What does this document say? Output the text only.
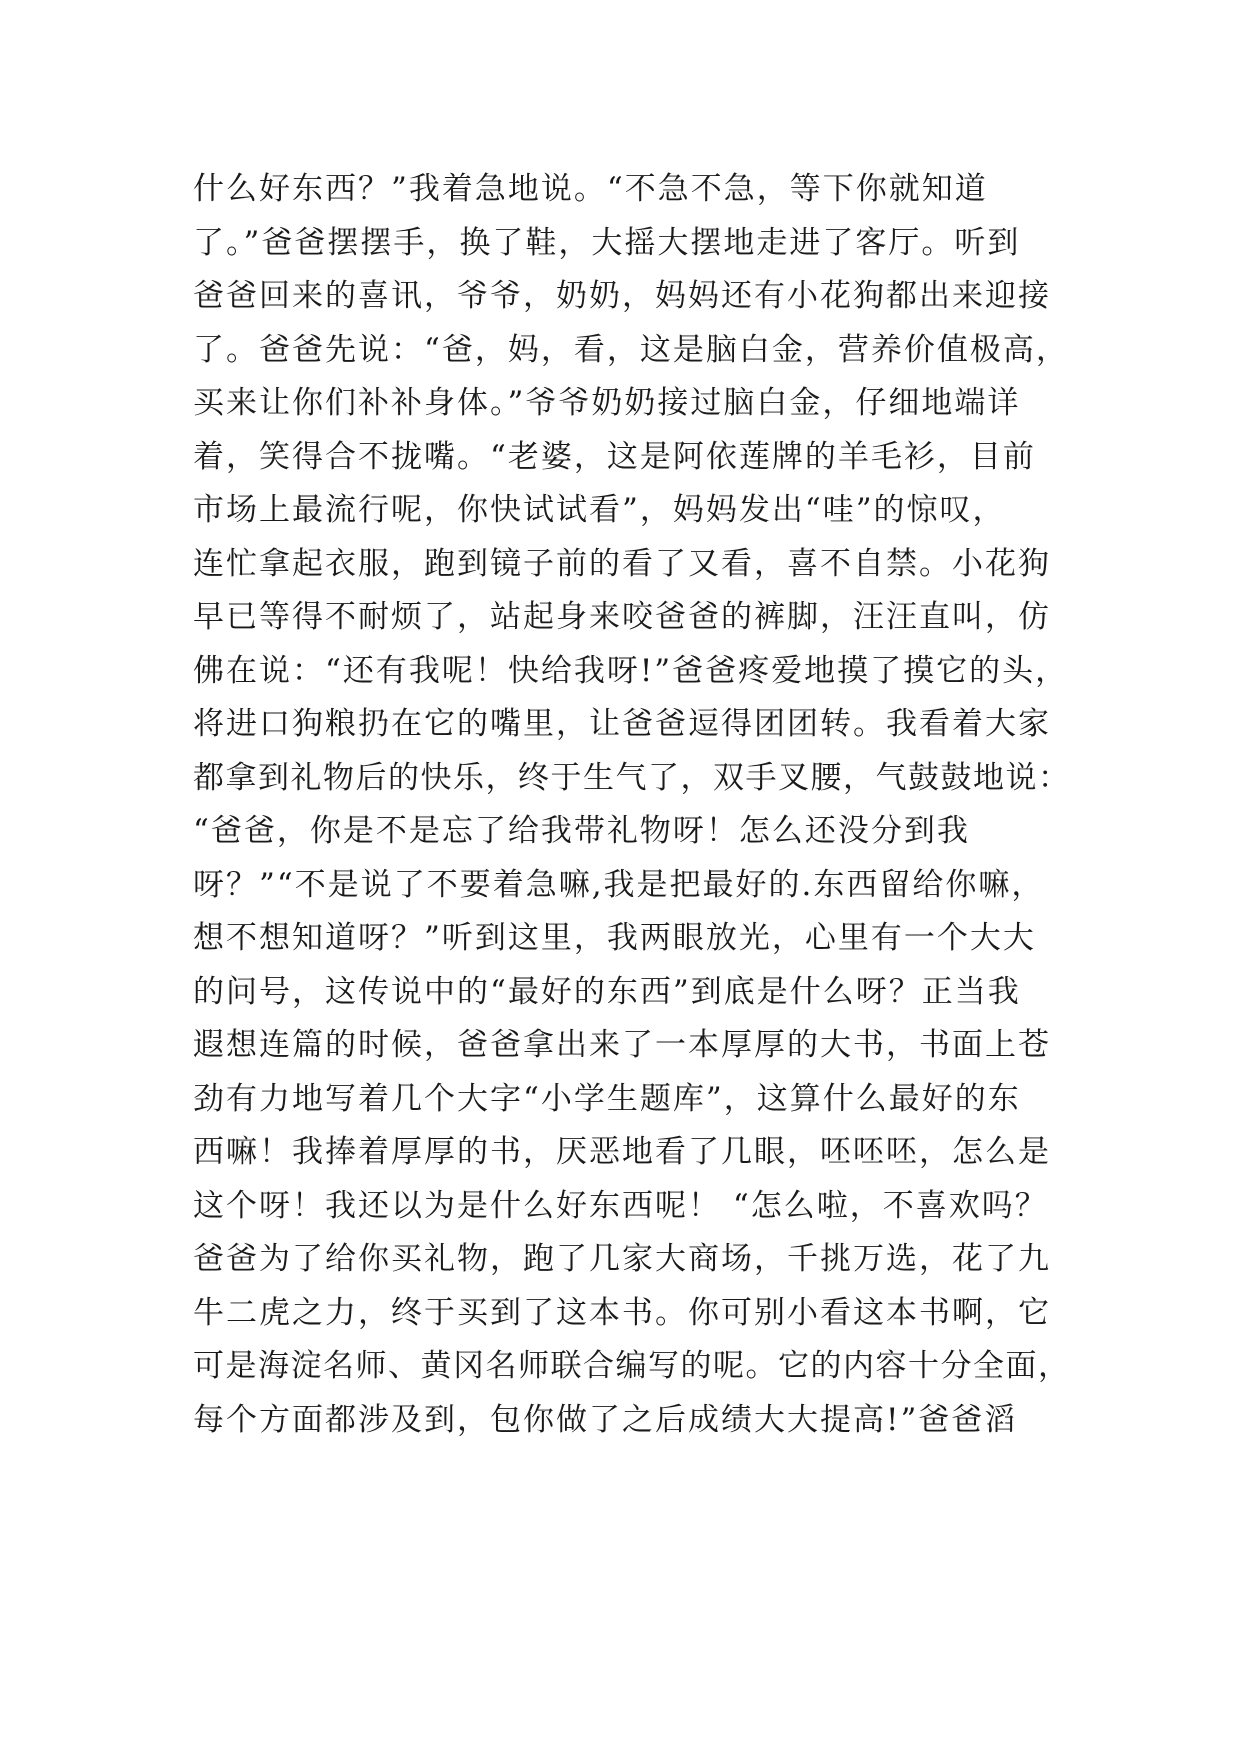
什么好东西？”我着急地说。“不急不急，等下你就知道
了。”爸爸摆摆手，换了鞋，大摇大摆地走进了客厅。听到
爸爸回来的喜讯，爷爷，奶奶，妈妈还有小花狗都出来迎接
了。爸爸先说：“爸，妈，看，这是脑白金，营养价值极高，
买来让你们补补身体。”爷爷奶奶接过脑白金，仔细地端详
着，笑得合不拢嘴。“老婆，这是阿依莲牌的羊毛衫，目前
市场上最流行呢，你快试试看”，妈妈发出“哇”的惊叹，
连忙拿起衣服，跑到镜子前的看了又看，喜不自禁。小花狗
早已等得不耐烦了，站起身来咬爸爸的裤脚，汪汪直叫，仿
佛在说：“还有我呢！快给我呀!”爸爸疼爱地摸了摸它的头，
将进口狗粮扔在它的嘴里，让爸爸逗得团团转。我看着大家
都拿到礼物后的快乐，终于生气了，双手叉腰，气鼓鼓地说：
“爸爸，你是不是忘了给我带礼物呀！怎么还没分到我
呀？”“不是说了不要着急嘛,我是把最好的.东西留给你嘛，
想不想知道呀？”听到这里，我两眼放光，心里有一个大大
的问号，这传说中的“最好的东西”到底是什么呀？正当我
遐想连篇的时候，爸爸拿出来了一本厚厚的大书，书面上苍
劲有力地写着几个大字“小学生题库”，这算什么最好的东
西嘛！我捧着厚厚的书，厌恶地看了几眼，呸呸呸，怎么是
这个呀！我还以为是什么好东西呢！ “怎么啦，不喜欢吗？
爸爸为了给你买礼物，跑了几家大商场，千挑万选，花了九
牛二虎之力，终于买到了这本书。你可别小看这本书啊，它
可是海淀名师、黄冈名师联合编写的呢。它的内容十分全面，
每个方面都涉及到，包你做了之后成绩大大提高!”爸爸滔
